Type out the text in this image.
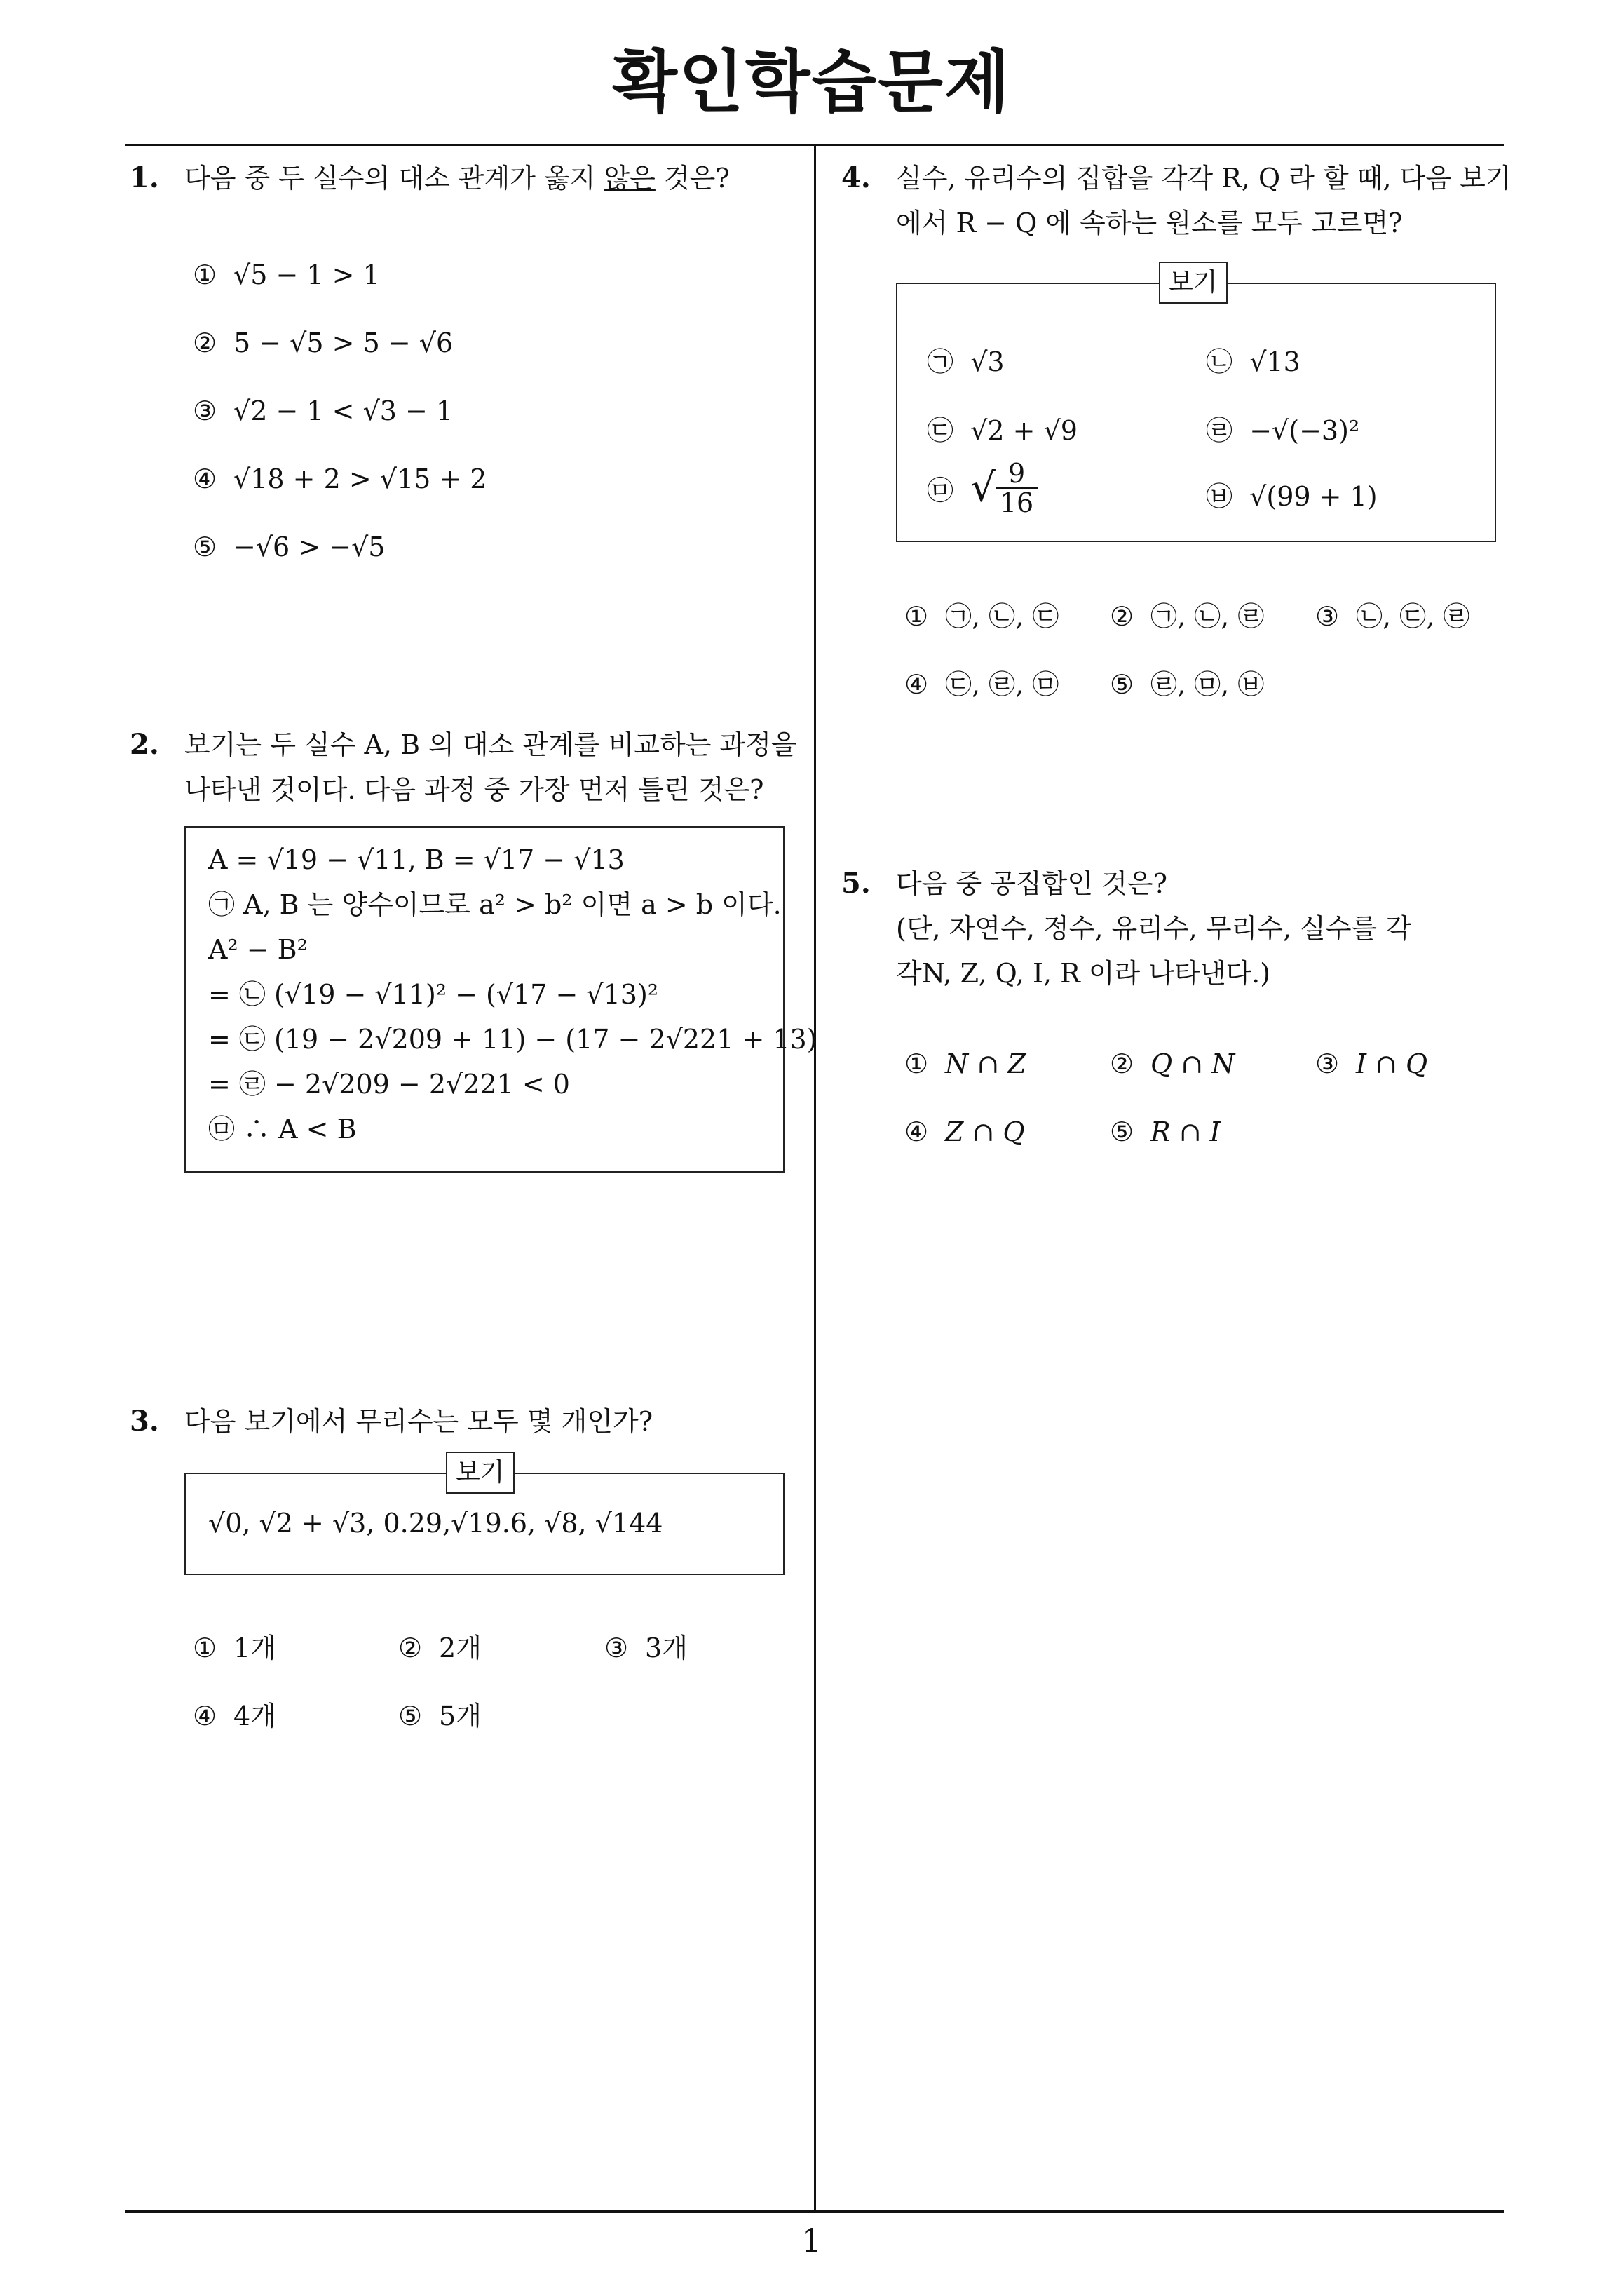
확인학습문제
1. 다음 중 두 실수의 대소 관계가 옳지 않은 것은?
① √5 − 1 > 1
② 5 − √5 > 5 − √6
③ √2 − 1 < √3 − 1
④ √18 + 2 > √15 + 2
⑤ −√6 > −√5
2. 보기는 두 실수 A, B 의 대소 관계를 비교하는 과정을
나타낸 것이다. 다음 과정 중 가장 먼저 틀린 것은?
A = √19 − √11, B = √17 − √13
㉠ A, B 는 양수이므로 a² > b² 이면 a > b 이다.
A² − B²
= ㉡ (√19 − √11)² − (√17 − √13)²
= ㉢ (19 − 2√209 + 11) − (17 − 2√221 + 13)
= ㉣ − 2√209 − 2√221 < 0
㉤ ∴ A < B
3. 다음 보기에서 무리수는 모두 몇 개인가?
√0, √2 + √3, 0.29,√19.6, √8, √144
보기
① 1개	② 2개	③ 3개
④ 4개	⑤ 5개
4. 실수, 유리수의 집합을 각각 R, Q 라 할 때, 다음 보기
에서 R − Q 에 속하는 원소를 모두 고르면?
㉠ √3	㉡ √13
㉢ √2 + √9	㉣ −√(−3)²
㉤ √ $\frac{9}{16}$	㉥ √(99 + 1)
보기
① ㉠, ㉡, ㉢ ② ㉠, ㉡, ㉣ ③ ㉡, ㉢, ㉣
④ ㉢, ㉣, ㉤ ⑤ ㉣, ㉤, ㉥
5. 다음 중 공집합인 것은?
(단, 자연수, 정수, 유리수, 무리수, 실수를 각
각N, Z, Q, I, R 이라 나타낸다.)
① N ∩ Z	② Q ∩ N	③ I ∩ Q
④ Z ∩ Q	⑤ R ∩ I
1
